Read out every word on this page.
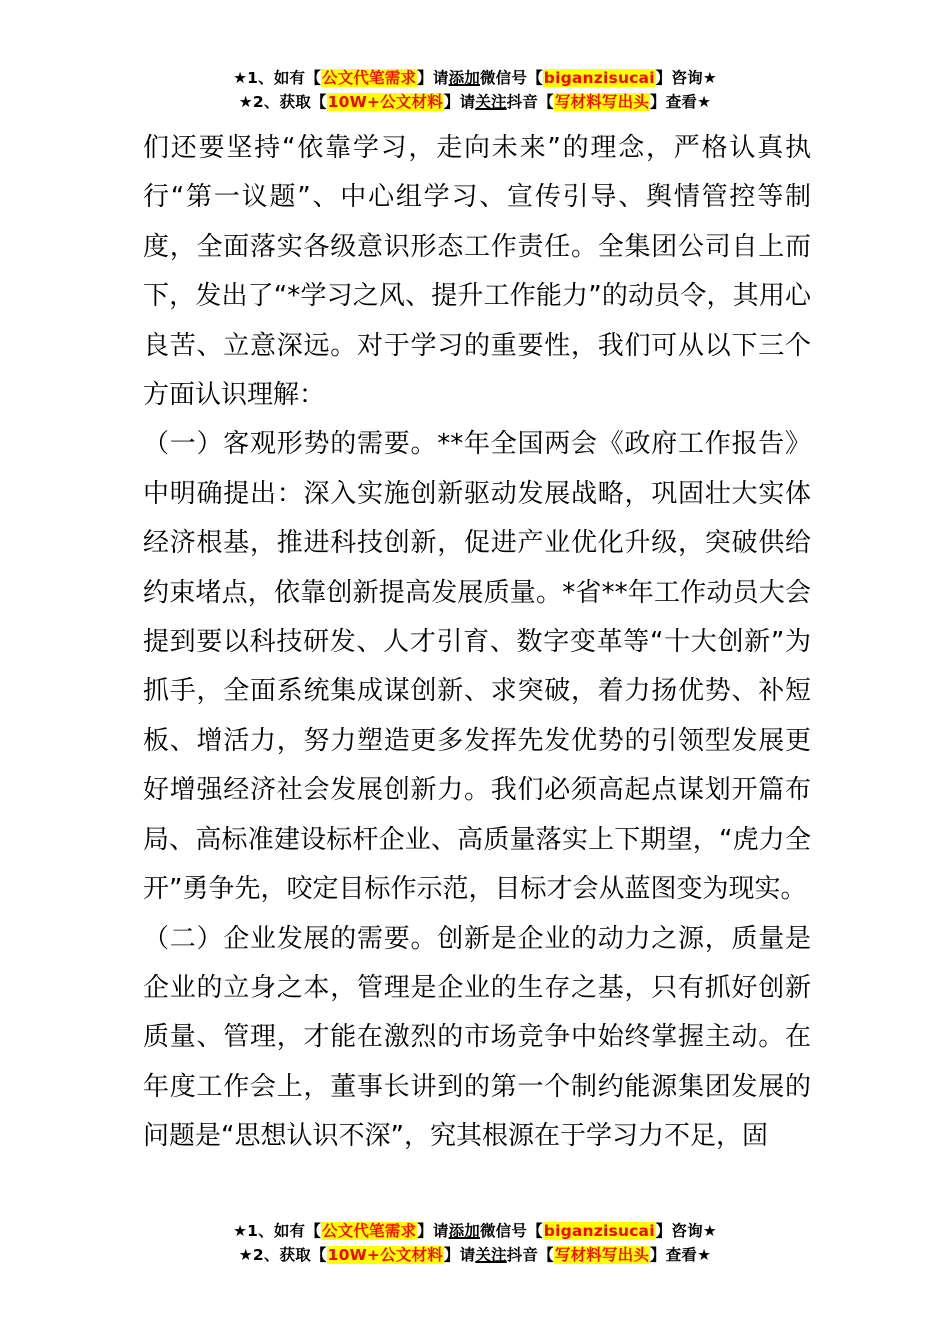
★1、如有【公文代笔需求】请添加微信号【biganzisucai】咨询★
★2、获取【10W+公文材料】请关注抖音【写材料写出头】查看★

们还要坚持“依靠学习，走向未来”的理念，严格认真执行“第一议题”、中心组学习、宣传引导、舆情管控等制度，全面落实各级意识形态工作责任。全集团公司自上而下，发出了“*学习之风、提升工作能力”的动员令，其用心良苦、立意深远。对于学习的重要性，我们可从以下三个方面认识理解：

（一）客观形势的需要。**年全国两会《政府工作报告》中明确提出：深入实施创新驱动发展战略，巩固壮大实体经济根基，推进科技创新，促进产业优化升级，突破供给约束堵点，依靠创新提高发展质量。*省**年工作动员大会提到要以科技研发、人才引育、数字变革等“十大创新”为抓手，全面系统集成谋创新、求突破，着力扬优势、补短板、增活力，努力塑造更多发挥先发优势的引领型发展更好增强经济社会发展创新力。我们必须高起点谋划开篇布局、高标准建设标杆企业、高质量落实上下期望，“虎力全开”勇争先，咬定目标作示范，目标才会从蓝图变为现实。

（二）企业发展的需要。创新是企业的动力之源，质量是企业的立身之本，管理是企业的生存之基，只有抓好创新质量、管理，才能在激烈的市场竞争中始终掌握主动。在年度工作会上，董事长讲到的第一个制约能源集团发展的问题是“思想认识不深”，究其根源在于学习力不足，固

★1、如有【公文代笔需求】请添加微信号【biganzisucai】咨询★
★2、获取【10W+公文材料】请关注抖音【写材料写出头】查看★
